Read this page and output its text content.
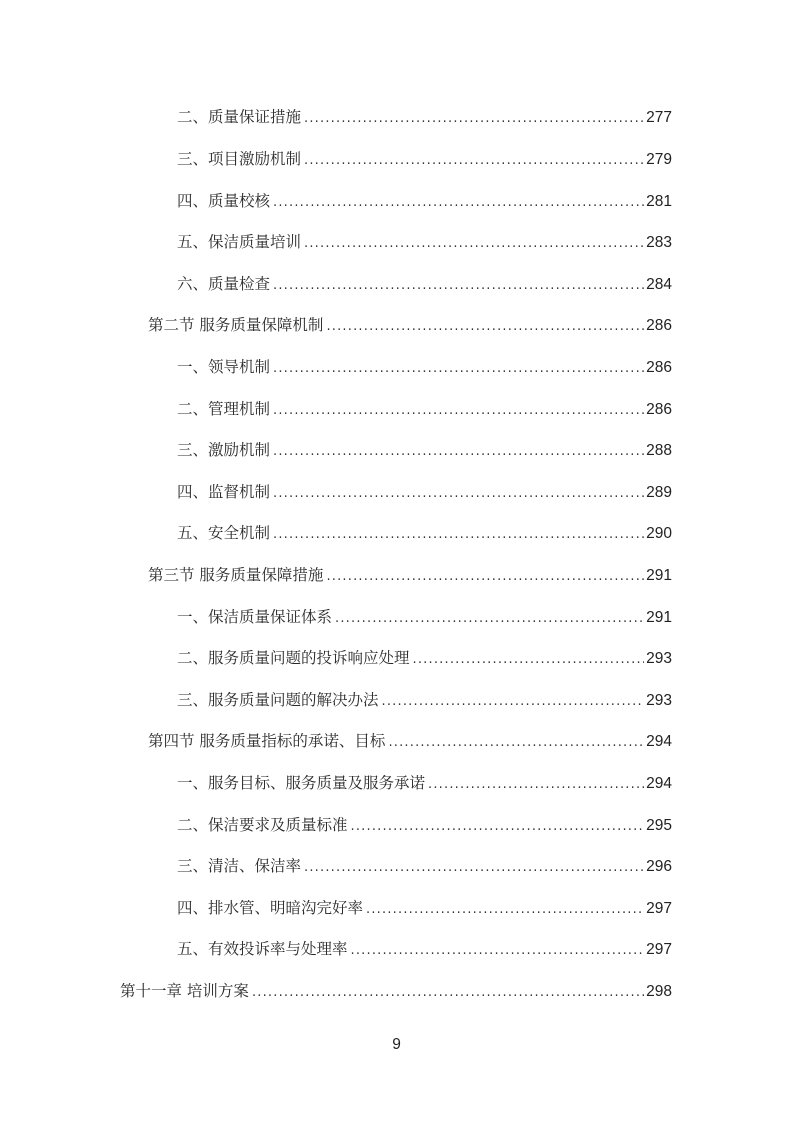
二、质量保证措施 .....	277
三、项目激励机制 .....	279
四、质量校核 .....	281
五、保洁质量培训 .....	283
六、质量检查 .....	284
第二节 服务质量保障机制 .....	286
一、领导机制 .....	286
二、管理机制 .....	286
三、激励机制 .....	288
四、监督机制 .....	289
五、安全机制 .....	290
第三节 服务质量保障措施 .....	291
一、保洁质量保证体系 .....	291
二、服务质量问题的投诉响应处理 .....	293
三、服务质量问题的解决办法 .....	293
第四节 服务质量指标的承诺、目标 .....	294
一、服务目标、服务质量及服务承诺 .....	294
二、保洁要求及质量标准 .....	295
三、清洁、保洁率 .....	296
四、排水管、明暗沟完好率 .....	297
五、有效投诉率与处理率 .....	297
第十一章 培训方案 .....	298
9
